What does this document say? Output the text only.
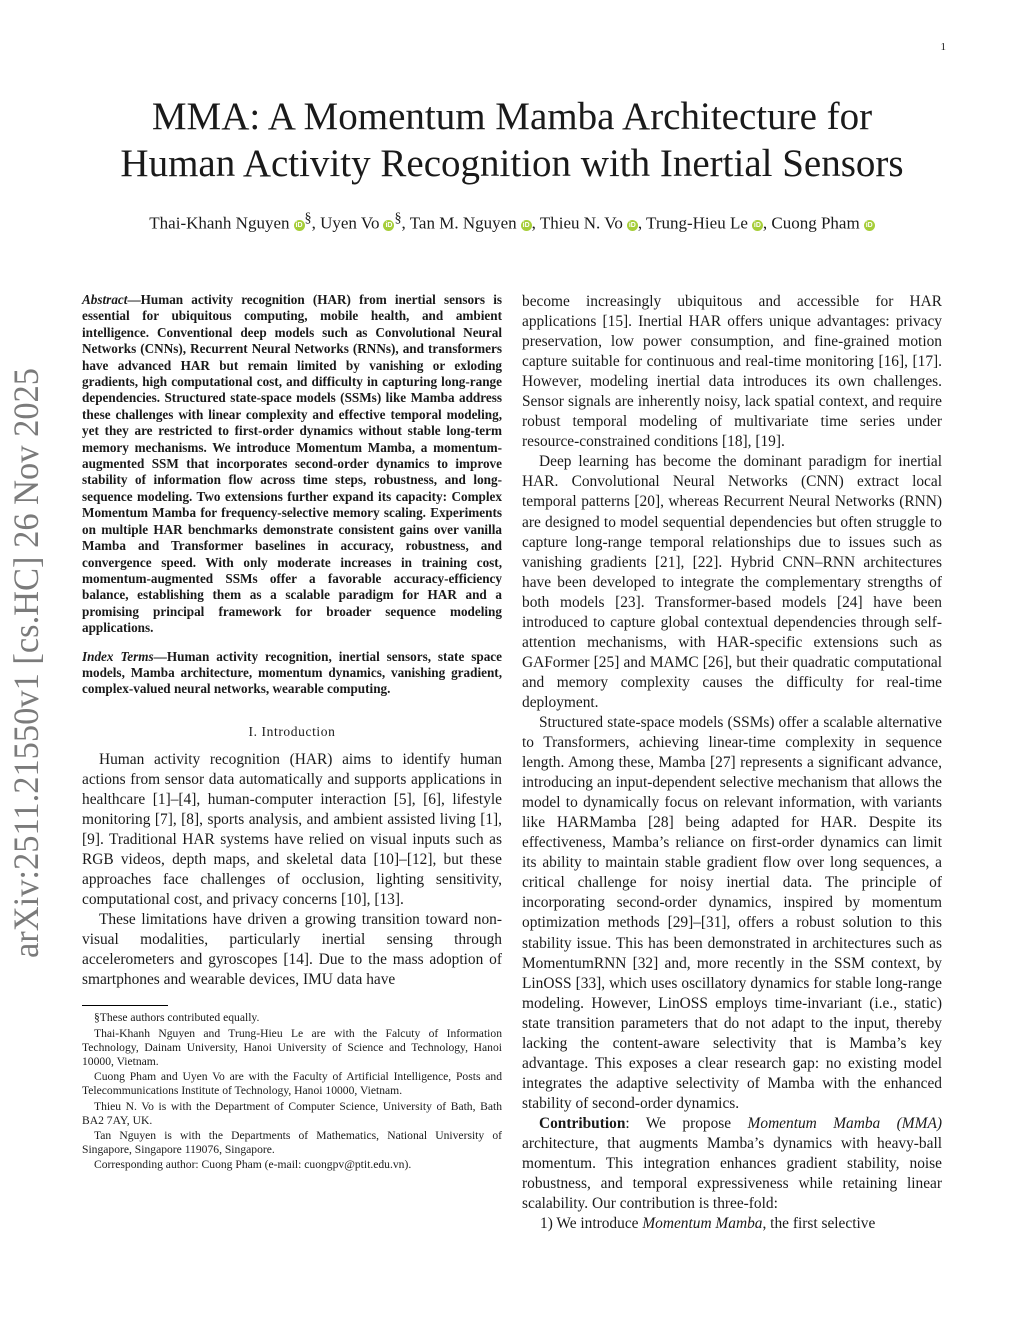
1
arXiv:2511.21550v1 [cs.HC] 26 Nov 2025
MMA: A Momentum Mamba Architecture for
Human Activity Recognition with Inertial Sensors
Thai-Khanh Nguyen iD §, Uyen Vo iD §, Tan M. Nguyen iD , Thieu N. Vo iD , Trung-Hieu Le iD , Cuong Pham iD

Abstract—Human activity recognition (HAR) from inertial sensors is essential for ubiquitous computing, mobile health, and ambient intelligence. Conventional deep models such as Convolutional Neural Networks (CNNs), Recurrent Neural Networks (RNNs), and transformers have advanced HAR but remain limited by vanishing or exloding gradients, high computational cost, and difficulty in capturing long-range dependencies. Structured state-space models (SSMs) like Mamba address these challenges with linear complexity and effective temporal modeling, yet they are restricted to first-order dynamics without stable long-term memory mechanisms. We introduce Momentum Mamba, a momentum-augmented SSM that incorporates second-order dynamics to improve stability of information flow across time steps, robustness, and long-sequence modeling. Two extensions further expand its capacity: Complex Momentum Mamba for frequency-selective memory scaling. Experiments on multiple HAR benchmarks demonstrate consistent gains over vanilla Mamba and Transformer baselines in accuracy, robustness, and convergence speed. With only moderate increases in training cost, momentum-augmented SSMs offer a favorable accuracy-efficiency balance, establishing them as a scalable paradigm for HAR and a promising principal framework for broader sequence modeling applications.

Index Terms—Human activity recognition, inertial sensors, state space models, Mamba architecture, momentum dynamics, vanishing gradient, complex-valued neural networks, wearable computing.

I. Introduction

Human activity recognition (HAR) aims to identify human actions from sensor data automatically and supports applications in healthcare [1]–[4], human-computer interaction [5], [6], lifestyle monitoring [7], [8], sports analysis, and ambient assisted living [1], [9]. Traditional HAR systems have relied on visual inputs such as RGB videos, depth maps, and skeletal data [10]–[12], but these approaches face challenges of occlusion, lighting sensitivity, computational cost, and privacy concerns [10], [13].

These limitations have driven a growing transition toward non-visual modalities, particularly inertial sensing through accelerometers and gyroscopes [14]. Due to the mass adoption of smartphones and wearable devices, IMU data have

§These authors contributed equally.

Thai-Khanh Nguyen and Trung-Hieu Le are with the Falcuty of Information Technology, Dainam University, Hanoi University of Science and Technology, Hanoi 10000, Vietnam.

Cuong Pham and Uyen Vo are with the Faculty of Artificial Intelligence, Posts and Telecommunications Institute of Technology, Hanoi 10000, Vietnam.

Thieu N. Vo is with the Department of Computer Science, University of Bath, Bath BA2 7AY, UK.

Tan Nguyen is with the Departments of Mathematics, National University of Singapore, Singapore 119076, Singapore.

Corresponding author: Cuong Pham (e-mail: cuongpv@ptit.edu.vn).

become increasingly ubiquitous and accessible for HAR applications [15]. Inertial HAR offers unique advantages: privacy preservation, low power consumption, and fine-grained motion capture suitable for continuous and real-time monitoring [16], [17]. However, modeling inertial data introduces its own challenges. Sensor signals are inherently noisy, lack spatial context, and require robust temporal modeling of multivariate time series under resource-constrained conditions [18], [19].

Deep learning has become the dominant paradigm for inertial HAR. Convolutional Neural Networks (CNN) extract local temporal patterns [20], whereas Recurrent Neural Networks (RNN) are designed to model sequential dependencies but often struggle to capture long-range temporal relationships due to issues such as vanishing gradients [21], [22]. Hybrid CNN–RNN architectures have been developed to integrate the complementary strengths of both models [23]. Transformer-based models [24] have been introduced to capture global contextual dependencies through self-attention mechanisms, with HAR-specific extensions such as GAFormer [25] and MAMC [26], but their quadratic computational and memory complexity causes the difficulty for real-time deployment.

Structured state-space models (SSMs) offer a scalable alternative to Transformers, achieving linear-time complexity in sequence length. Among these, Mamba [27] represents a significant advance, introducing an input-dependent selective mechanism that allows the model to dynamically focus on relevant information, with variants like HARMamba [28] being adapted for HAR. Despite its effectiveness, Mamba’s reliance on first-order dynamics can limit its ability to maintain stable gradient flow over long sequences, a critical challenge for noisy inertial data. The principle of incorporating second-order dynamics, inspired by momentum optimization methods [29]–[31], offers a robust solution to this stability issue. This has been demonstrated in architectures such as MomentumRNN [32] and, more recently in the SSM context, by LinOSS [33], which uses oscillatory dynamics for stable long-range modeling. However, LinOSS employs time-invariant (i.e., static) state transition parameters that do not adapt to the input, thereby lacking the content-aware selectivity that is Mamba’s key advantage. This exposes a clear research gap: no existing model integrates the adaptive selectivity of Mamba with the enhanced stability of second-order dynamics.

Contribution: We propose Momentum Mamba (MMA) architecture, that augments Mamba’s dynamics with heavy-ball momentum. This integration enhances gradient stability, noise robustness, and temporal expressiveness while retaining linear scalability. Our contribution is three-fold:

1) We introduce Momentum Mamba, the first selective
